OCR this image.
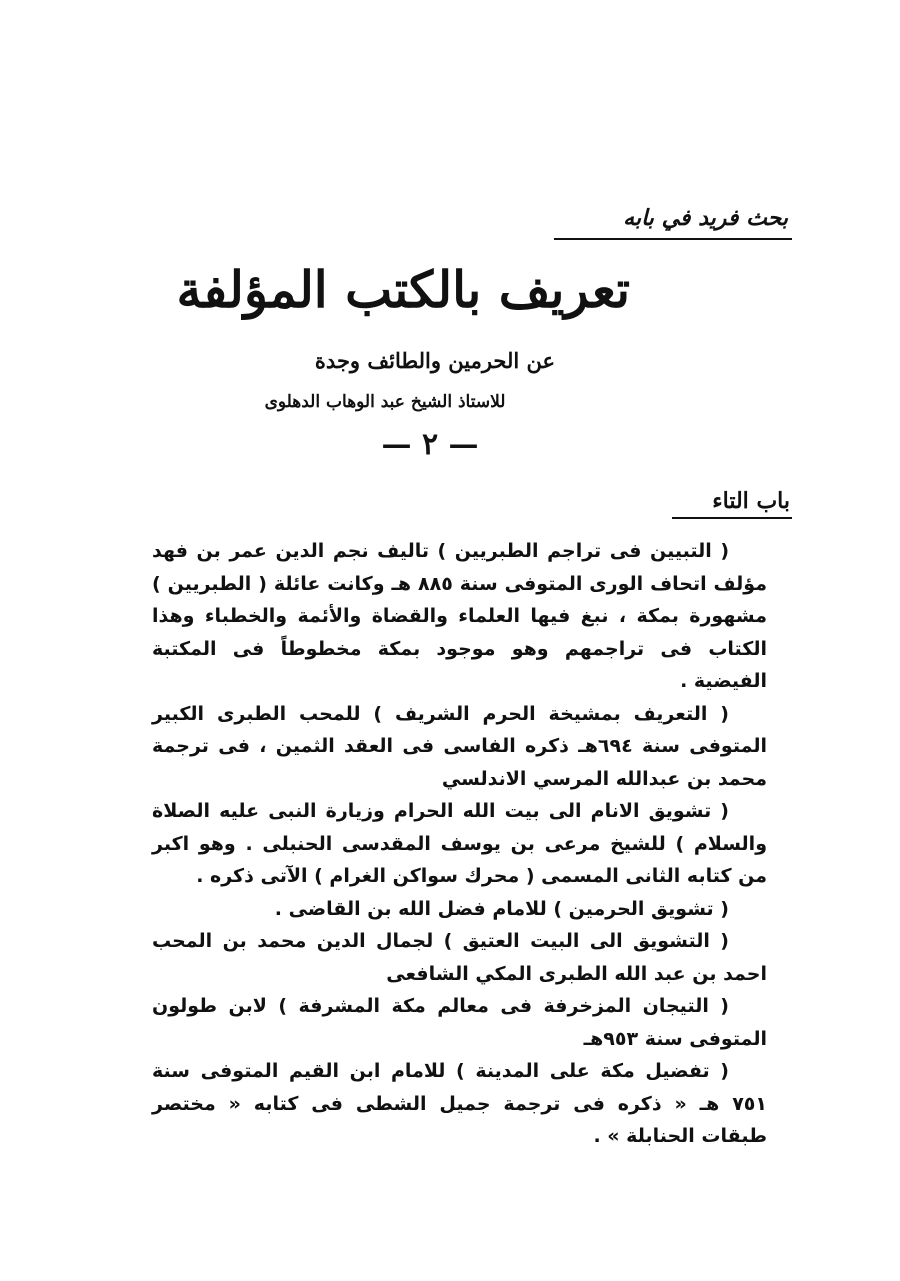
بحث فريد في بابه
تعريف بالكتب المؤلفة
عن الحرمين والطائف وجدة
للاستاذ الشيخ عبد الوهاب الدهلوى
— ٢ —
باب التاء

( التبيين فى تراجم الطبريين ) تاليف نجم الدين عمر بن فهد مؤلف اتحاف الورى المتوفى سنة ٨٨٥ هـ وكانت عائلة ( الطبريين ) مشهورة بمكة ، نبغ فيها العلماء والقضاة والأئمة والخطباء وهذا الكتاب فى تراجمهم وهو موجود بمكة مخطوطاً فى المكتبة الفيضية .

( التعريف بمشيخة الحرم الشريف ) للمحب الطبرى الكبير المتوفى سنة ٦٩٤هـ ذكره الفاسى فى العقد الثمين ، فى ترجمة محمد بن عبدالله المرسي الاندلسي

( تشويق الانام الى بيت الله الحرام وزيارة النبى عليه الصلاة والسلام ) للشيخ مرعى بن يوسف المقدسى الحنبلى . وهو اكبر من كتابه الثانى المسمى ( محرك سواكن الغرام ) الآتى ذكره .

( تشويق الحرمين ) للامام فضل الله بن القاضى .

( التشويق الى البيت العتيق ) لجمال الدين محمد بن المحب احمد بن عبد الله الطبرى المكي الشافعى

( التيجان المزخرفة فى معالم مكة المشرفة ) لابن طولون المتوفى سنة ٩٥٣هـ

( تفضيل مكة على المدينة ) للامام ابن القيم المتوفى سنة ٧٥١ هـ « ذكره فى ترجمة جميل الشطى فى كتابه « مختصر طبقات الحنابلة » .
